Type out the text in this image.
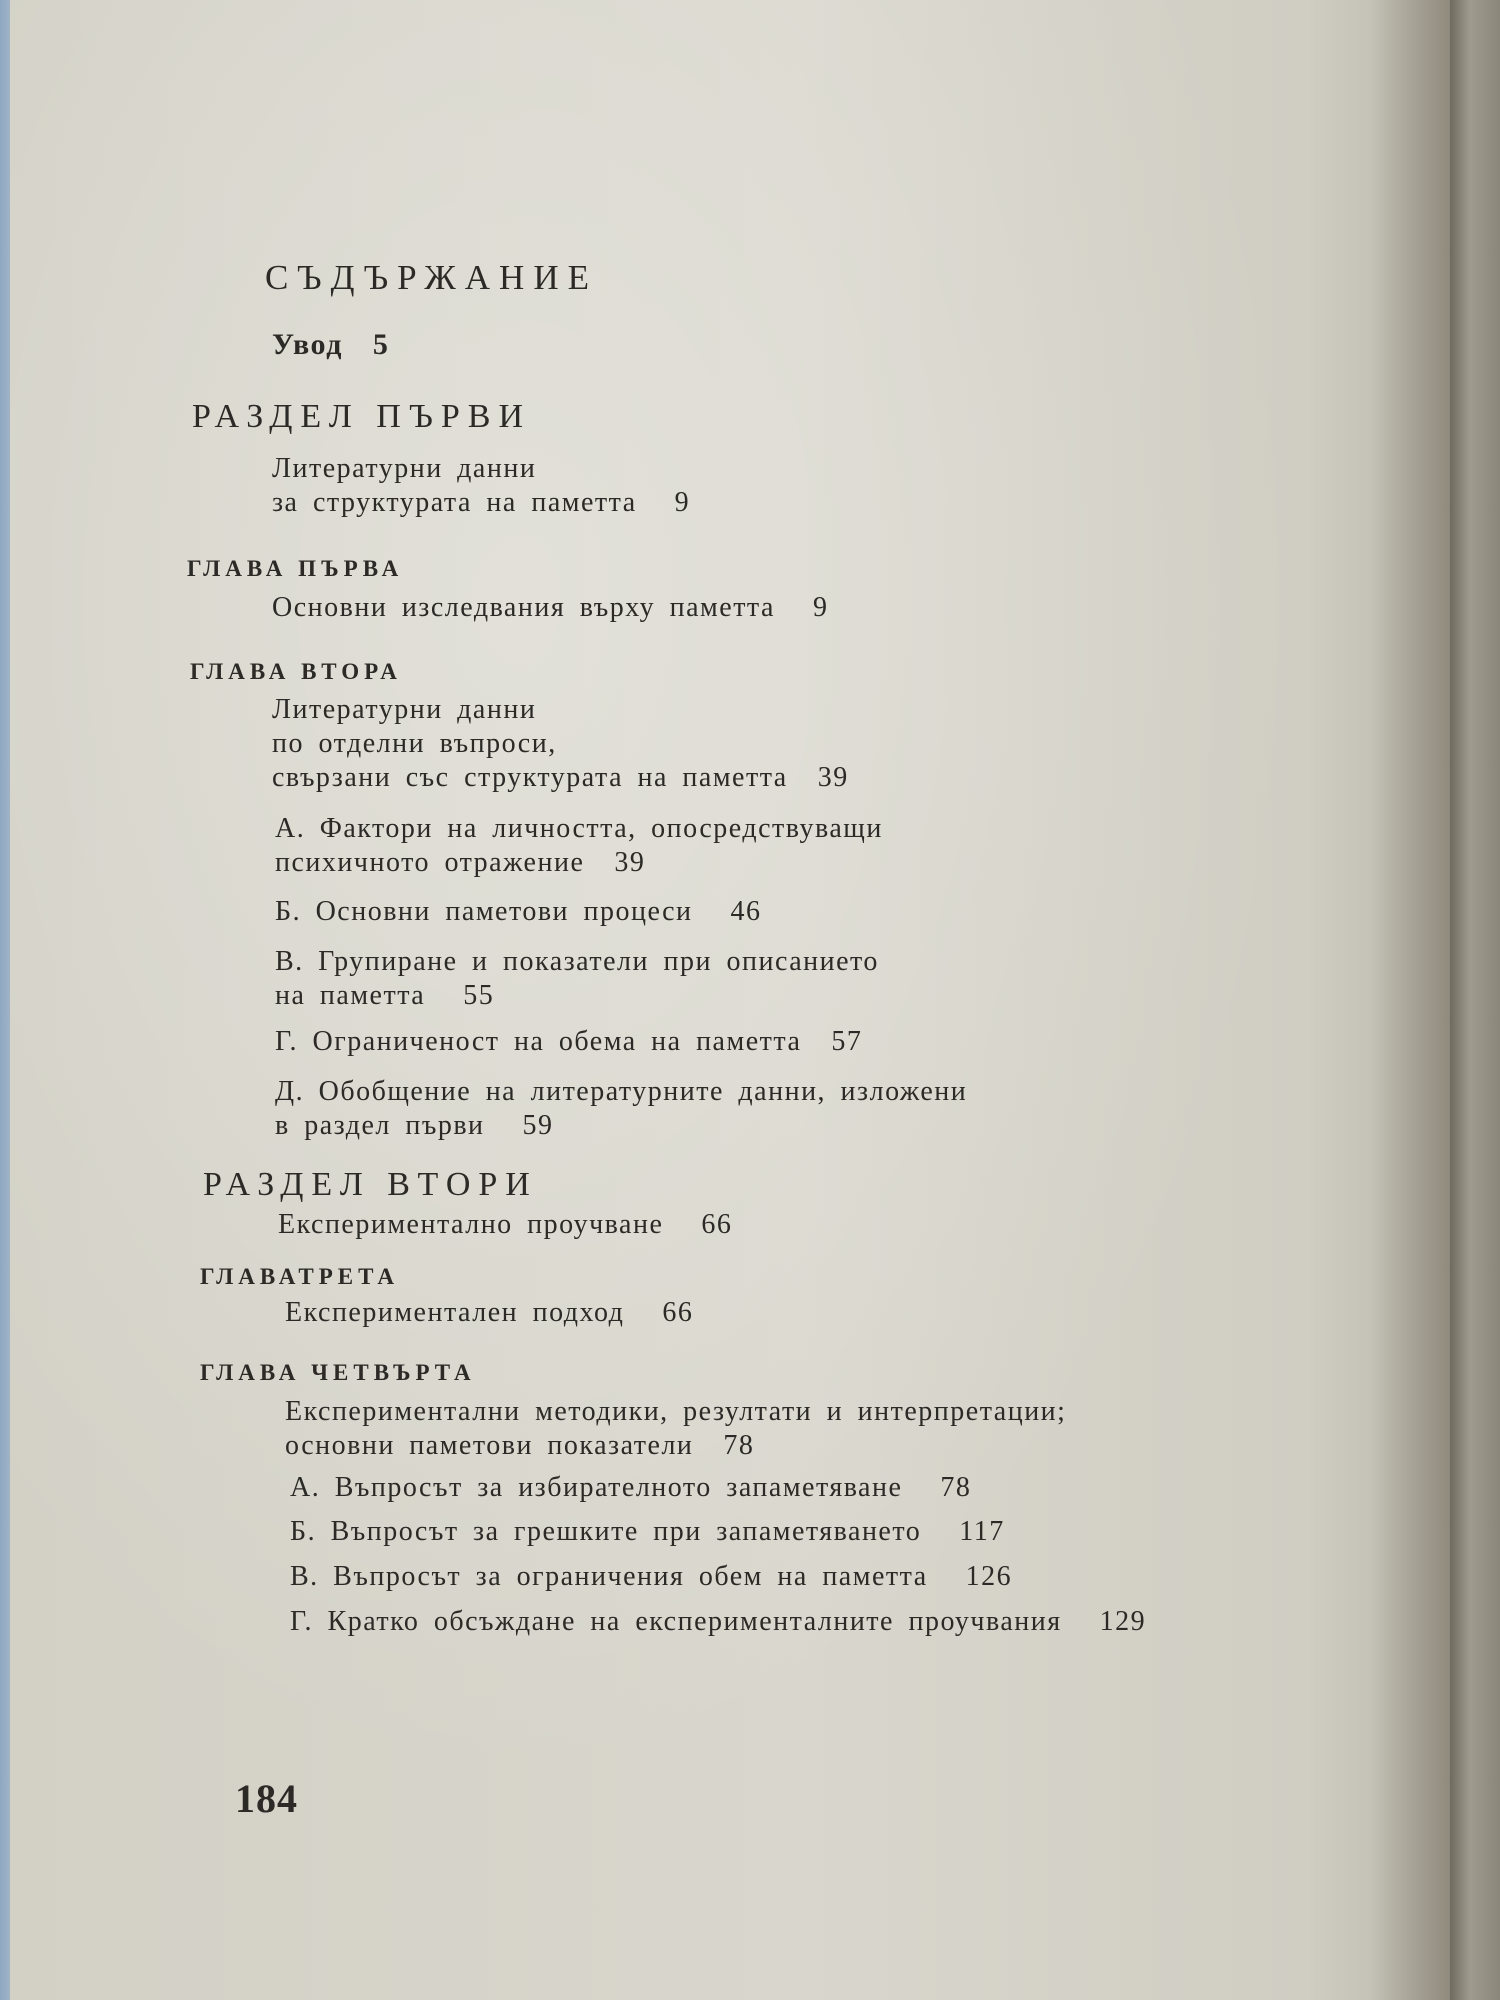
СЪДЪРЖАНИЕ
Увод 5
РАЗДЕЛ ПЪРВИ
Литературни данни
за структурата на паметта 9
ГЛАВА ПЪРВА
Основни изследвания върху паметта 9
ГЛАВА ВТОРА
Литературни данни
по отделни въпроси,
свързани със структурата на паметта 39
А. Фактори на личността, опосредствуващи
психичното отражение 39
Б. Основни паметови процеси 46
В. Групиране и показатели при описанието
на паметта 55
Г. Ограниченост на обема на паметта 57
Д. Обобщение на литературните данни, изложени
в раздел първи 59
РАЗДЕЛ ВТОРИ
Експериментално проучване 66
ГЛАВАТРЕТА
Експериментален подход 66
ГЛАВА ЧЕТВЪРТА
Експериментални методики, резултати и интерпретации;
основни паметови показатели 78
А. Въпросът за избирателното запаметяване 78
Б. Въпросът за грешките при запаметяването 117
В. Въпросът за ограничения обем на паметта 126
Г. Кратко обсъждане на експерименталните проучвания 129
184
